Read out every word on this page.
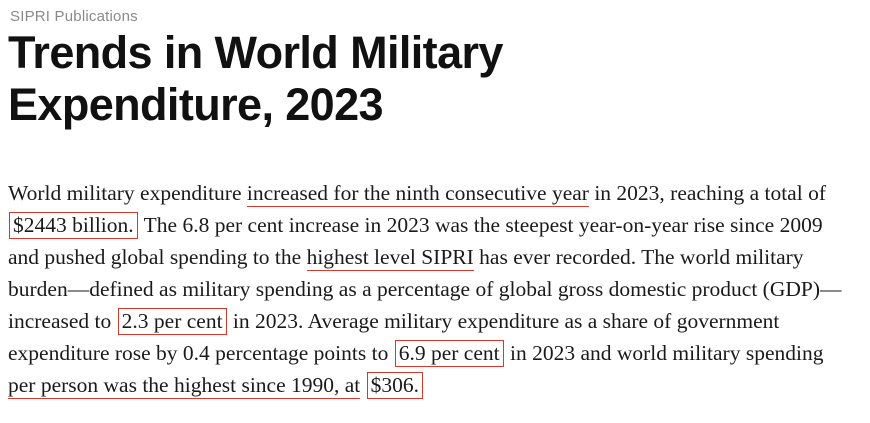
SIPRI Publications
Trends in World Military Expenditure, 2023

World military expenditure increased for the ninth consecutive year in 2023, reaching a total of $2443 billion. The 6.8 per cent increase in 2023 was the steepest year-on-year rise since 2009 and pushed global spending to the highest level SIPRI has ever recorded. The world military burden—defined as military spending as a percentage of global gross domestic product (GDP)—increased to 2.3 per cent in 2023. Average military expenditure as a share of government expenditure rose by 0.4 percentage points to 6.9 per cent in 2023 and world military spending per person was the highest since 1990, at $306.
